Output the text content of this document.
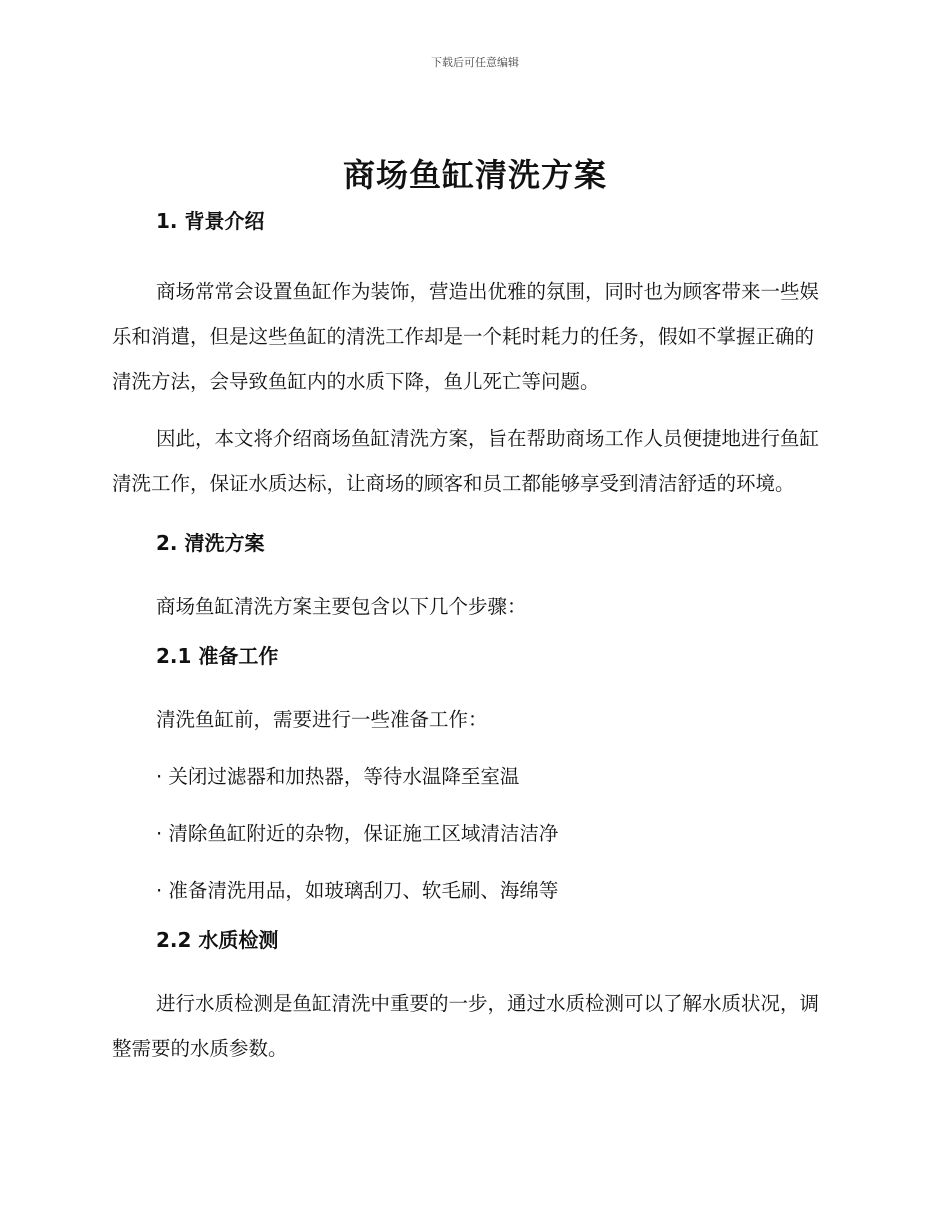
下载后可任意编辑
商场鱼缸清洗方案
1. 背景介绍

商场常常会设置鱼缸作为装饰，营造出优雅的氛围，同时也为顾客带来一些娱乐和消遣，但是这些鱼缸的清洗工作却是一个耗时耗力的任务，假如不掌握正确的清洗方法，会导致鱼缸内的水质下降，鱼儿死亡等问题。

因此，本文将介绍商场鱼缸清洗方案，旨在帮助商场工作人员便捷地进行鱼缸清洗工作，保证水质达标，让商场的顾客和员工都能够享受到清洁舒适的环境。

2. 清洗方案

商场鱼缸清洗方案主要包含以下几个步骤：

2.1 准备工作

清洗鱼缸前，需要进行一些准备工作：

· 关闭过滤器和加热器，等待水温降至室温
· 清除鱼缸附近的杂物，保证施工区域清洁洁净
· 准备清洗用品，如玻璃刮刀、软毛刷、海绵等
2.2 水质检测

进行水质检测是鱼缸清洗中重要的一步，通过水质检测可以了解水质状况，调整需要的水质参数。
